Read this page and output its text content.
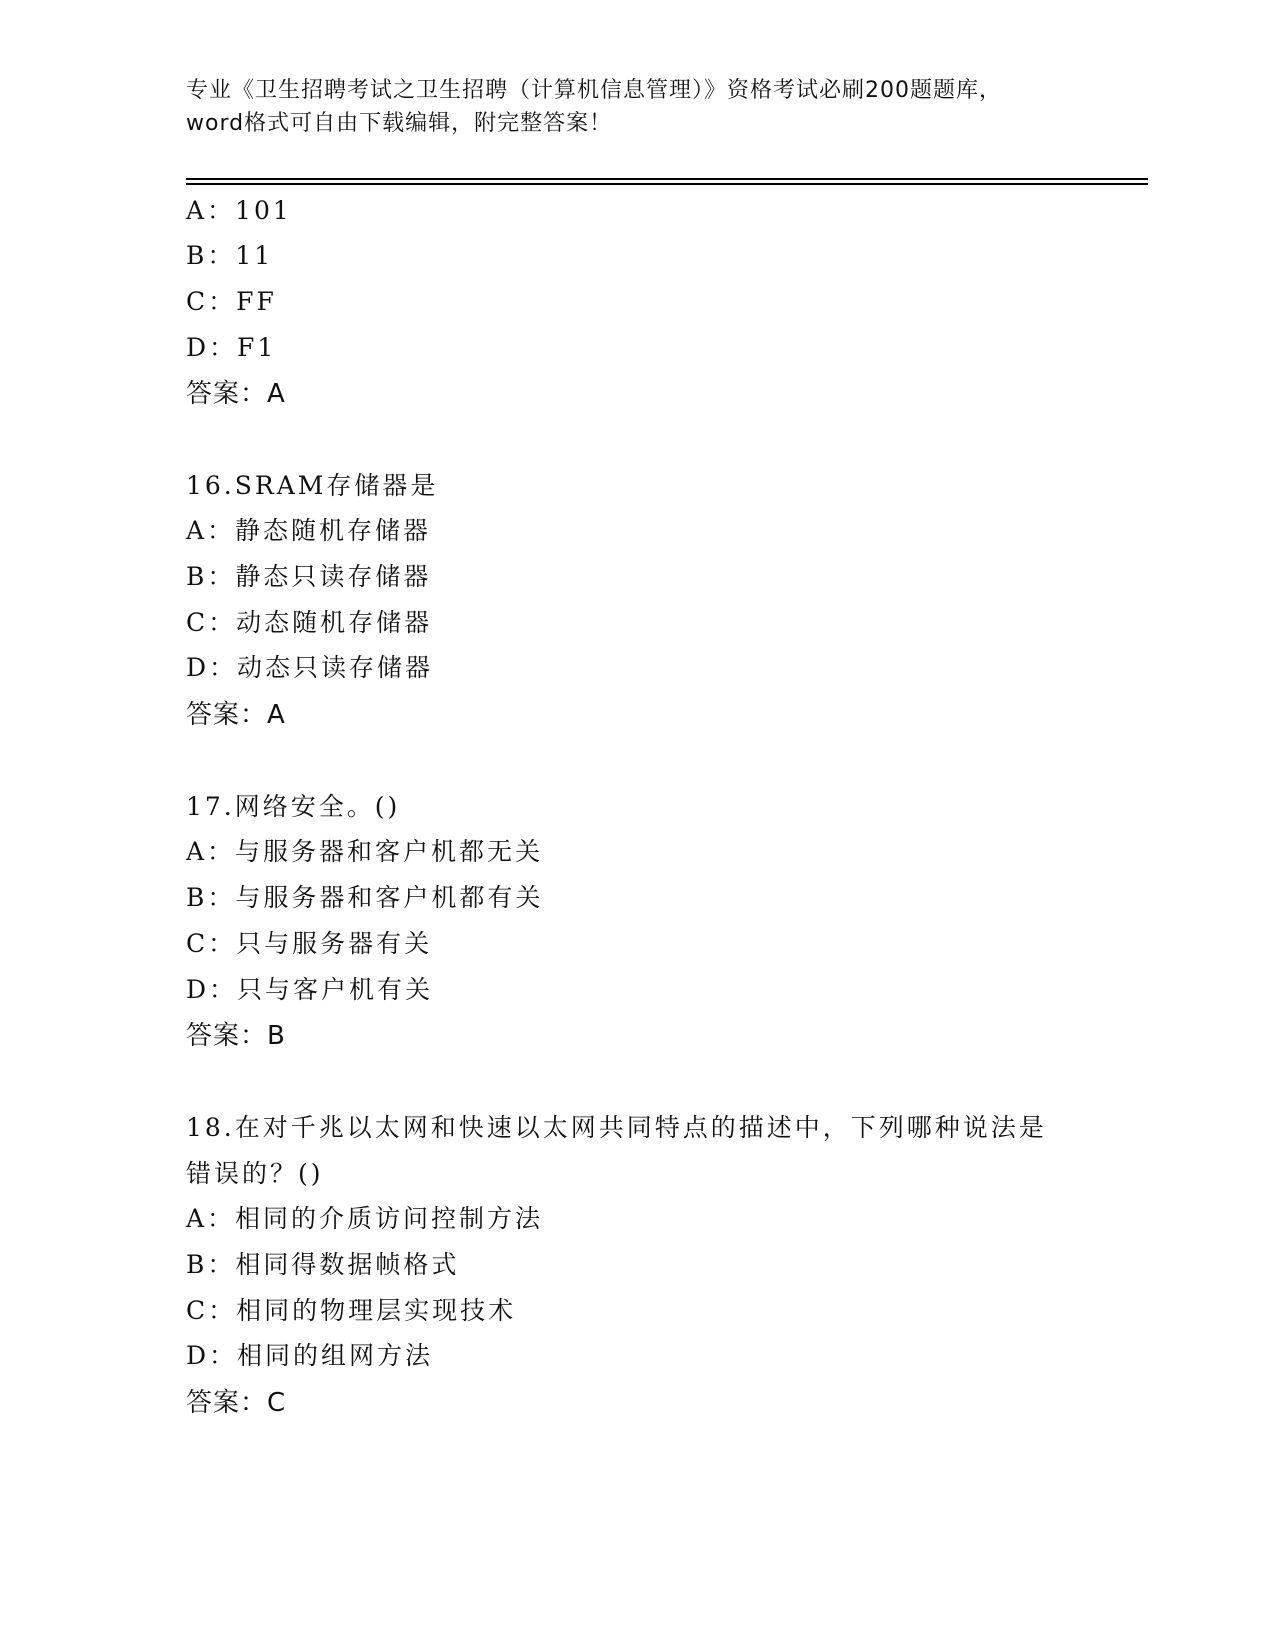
专业《卫生招聘考试之卫生招聘（计算机信息管理）》资格考试必刷200题题库，
word格式可自由下载编辑，附完整答案！
A：101
B：11
C：FF
D：F1
答案：A
16.SRAM存储器是
A：静态随机存储器
B：静态只读存储器
C：动态随机存储器
D：动态只读存储器
答案：A
17.网络安全。()
A：与服务器和客户机都无关
B：与服务器和客户机都有关
C：只与服务器有关
D：只与客户机有关
答案：B
18.在对千兆以太网和快速以太网共同特点的描述中，下列哪种说法是
错误的？()
A：相同的介质访问控制方法
B：相同得数据帧格式
C：相同的物理层实现技术
D：相同的组网方法
答案：C
